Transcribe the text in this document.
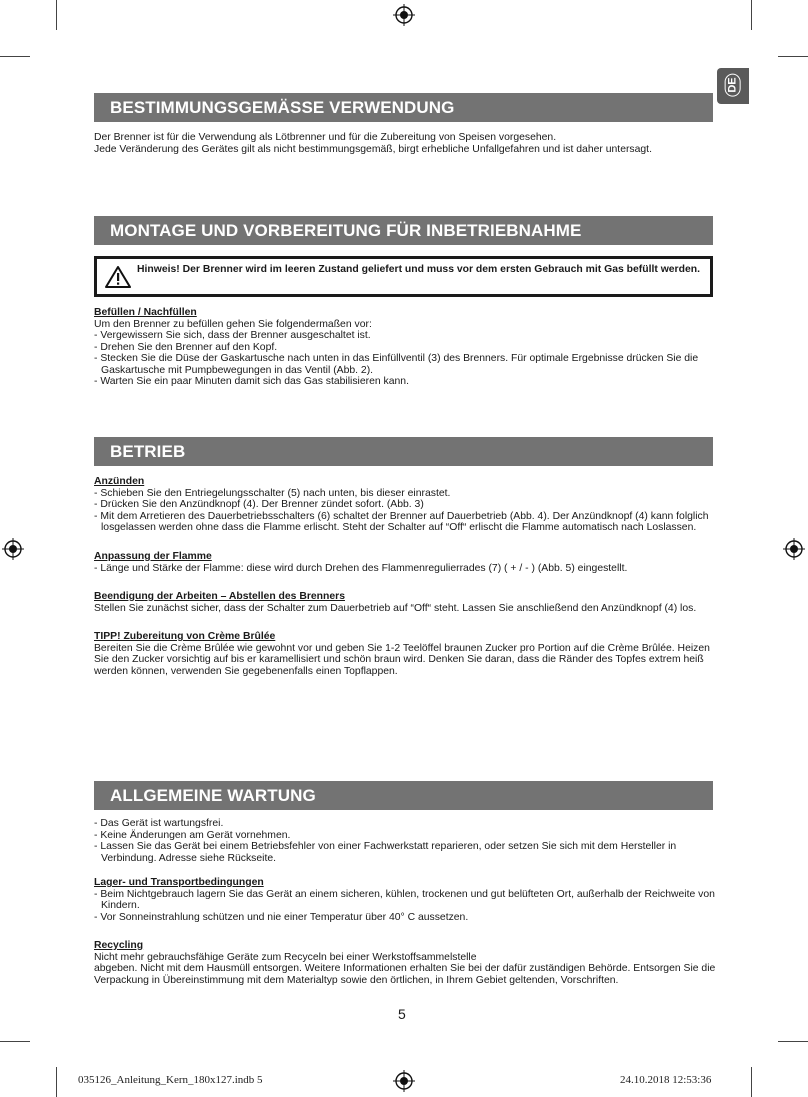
DE
BESTIMMUNGSGEMÄSSE VERWENDUNG

Der Brenner ist für die Verwendung als Lötbrenner und für die Zubereitung von Speisen vorgesehen.

Jede Veränderung des Gerätes gilt als nicht bestimmungsgemäß, birgt erhebliche Unfallgefahren und ist daher untersagt.

MONTAGE UND VORBEREITUNG FÜR INBETRIEBNAHME
Hinweis! Der Brenner wird im leeren Zustand geliefert und muss vor dem ersten Gebrauch mit Gas befüllt werden.

Befüllen / Nachfüllen

Um den Brenner zu befüllen gehen Sie folgendermaßen vor:

- Vergewissern Sie sich, dass der Brenner ausgeschaltet ist.
- Drehen Sie den Brenner auf den Kopf.
- Stecken Sie die Düse der Gaskartusche nach unten in das Einfüllventil (3) des Brenners. Für optimale Ergebnisse drücken Sie die Gaskartusche mit Pumpbewegungen in das Ventil (Abb. 2).
- Warten Sie ein paar Minuten damit sich das Gas stabilisieren kann.
BETRIEB

Anzünden

- Schieben Sie den Entriegelungsschalter (5) nach unten, bis dieser einrastet.
- Drücken Sie den Anzündknopf (4). Der Brenner zündet sofort. (Abb. 3)
- Mit dem Arretieren des Dauerbetriebsschalters (6) schaltet der Brenner auf Dauerbetrieb (Abb. 4). Der Anzündknopf (4) kann folglich losgelassen werden ohne dass die Flamme erlischt. Steht der Schalter auf “Off“ erlischt die Flamme automatisch nach Loslassen.

Anpassung der Flamme

- Länge und Stärke der Flamme: diese wird durch Drehen des Flammenregulierrades (7) ( + / - ) (Abb. 5) eingestellt.

Beendigung der Arbeiten – Abstellen des Brenners

Stellen Sie zunächst sicher, dass der Schalter zum Dauerbetrieb auf “Off“ steht. Lassen Sie anschließend den Anzündknopf (4) los.

TIPP! Zubereitung von Crème Brûlée

Bereiten Sie die Crème Brûlée wie gewohnt vor und geben Sie 1-2 Teelöffel braunen Zucker pro Portion auf die Crème Brûlée. Heizen Sie den Zucker vorsichtig auf bis er karamellisiert und schön braun wird. Denken Sie daran, dass die Ränder des Topfes extrem heiß werden können, verwenden Sie gegebenenfalls einen Topflappen.

ALLGEMEINE WARTUNG
- Das Gerät ist wartungsfrei.
- Keine Änderungen am Gerät vornehmen.
- Lassen Sie das Gerät bei einem Betriebsfehler von einer Fachwerkstatt reparieren, oder setzen Sie sich mit dem Hersteller in Verbindung. Adresse siehe Rückseite.

Lager- und Transportbedingungen

- Beim Nichtgebrauch lagern Sie das Gerät an einem sicheren, kühlen, trockenen und gut belüfteten Ort, außerhalb der Reichweite von Kindern.
- Vor Sonneinstrahlung schützen und nie einer Temperatur über 40° C aussetzen.

Recycling

Nicht mehr gebrauchsfähige Geräte zum Recyceln bei einer Werkstoffsammelstelle

abgeben. Nicht mit dem Hausmüll entsorgen. Weitere Informationen erhalten Sie bei der dafür zuständigen Behörde. Entsorgen Sie die Verpackung in Übereinstimmung mit dem Materialtyp sowie den örtlichen, in Ihrem Gebiet geltenden, Vorschriften.

5
035126_Anleitung_Kern_180x127.indb 5	24.10.2018 12:53:36
